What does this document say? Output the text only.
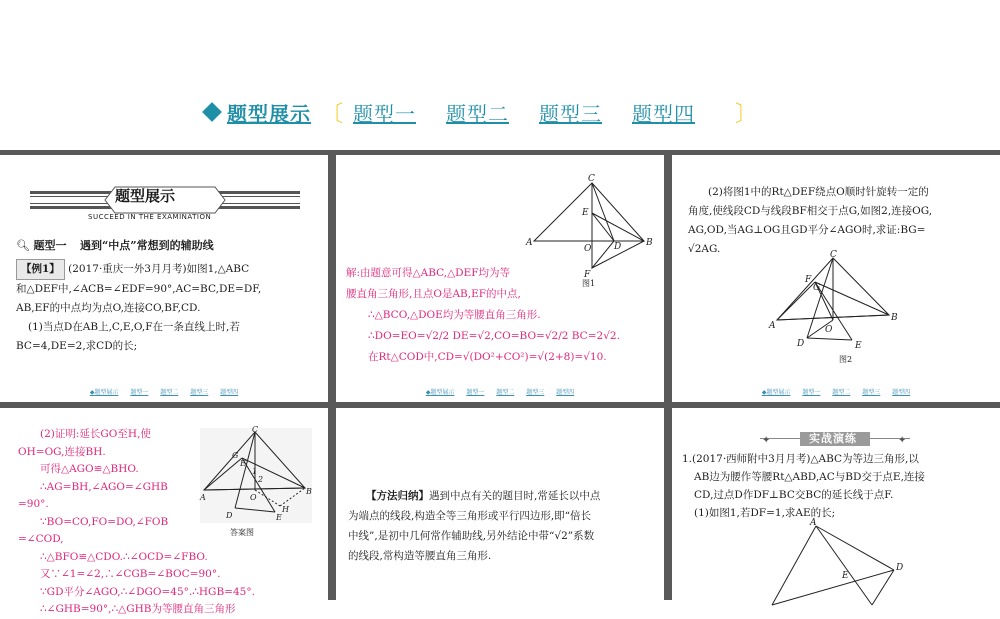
题型展示 〔 题型一 题型二 题型三 题型四 〕
题型展示
SUCCEED IN THE EXAMINATION
🔍︎ 题型一 遇到“中点”常想到的辅助线
【例1】 (2017·重庆一外3月月考)如图1,△ABC
和△DEF中,∠ACB=∠EDF=90°,AC=BC,DE=DF,
AB,EF的中点均为点O,连接CO,BF,CD.
(1)当点D在AB上,C,E,O,F在一条直线上时,若
BC=4,DE=2,求CD的长;
◆题型展示 题型一 题型二 题型三 题型四
C
E
A
O	D	B
F
图1
解:由题意可得△ABC,△DEF均为等
腰直角三角形,且点O是AB,EF的中点,
∴△BCO,△DOE均为等腰直角三角形.
∴DO=EO=√2/2 DE=√2,CO=BO=√2/2 BC=2√2.
在Rt△COD中,CD=√(DO²+CO²)=√(2+8)=√10.
◆题型展示 题型一 题型二 题型三 题型四
(2)将图1中的Rt△DEF绕点O顺时针旋转一定的
角度,使线段CD与线段BF相交于点G,如图2,连接OG,
AG,OD,当AG⊥OG且GD平分∠AGO时,求证:BG=
√2AG.	C
F
G
A	O
B
D	E
图2
◆题型展示 题型一 题型二 题型三 题型四
(2)证明:延长GO至H,使
OH=OG,连接BH.
可得△AGO≌△BHO.
∴AG=BH,∠AGO=∠GHB
=90°.
∵BO=CO,FO=DO,∠FOB
=∠COD,
∴△BFO≌△CDO.∴∠OCD=∠FBO.
又∵∠1=∠2,∴∠CGB=∠BOC=90°.
∵GD平分∠AGO,∴∠DGO=45°.∴HGB=45°.
∴∠GHB=90°,∴△GHB为等腰直角三角形
C
G
E
1
2
A	O
B
D	E
H
答案图
【方法归纳】遇到中点有关的题目时,常延长以中点
为端点的线段,构造全等三角形或平行四边形,即“倍长
中线”,是初中几何常作辅助线,另外结论中带“√2”系数
的线段,常构造等腰直角三角形.
✦	✦
实战演练
1.(2017·西师附中3月月考)△ABC为等边三角形,以
AB边为腰作等腰Rt△ABD,AC与BD交于点E,连接
CD,过点D作DF⊥BC交BC的延长线于点F.
(1)如图1,若DF=1,求AE的长;
A
E
D
